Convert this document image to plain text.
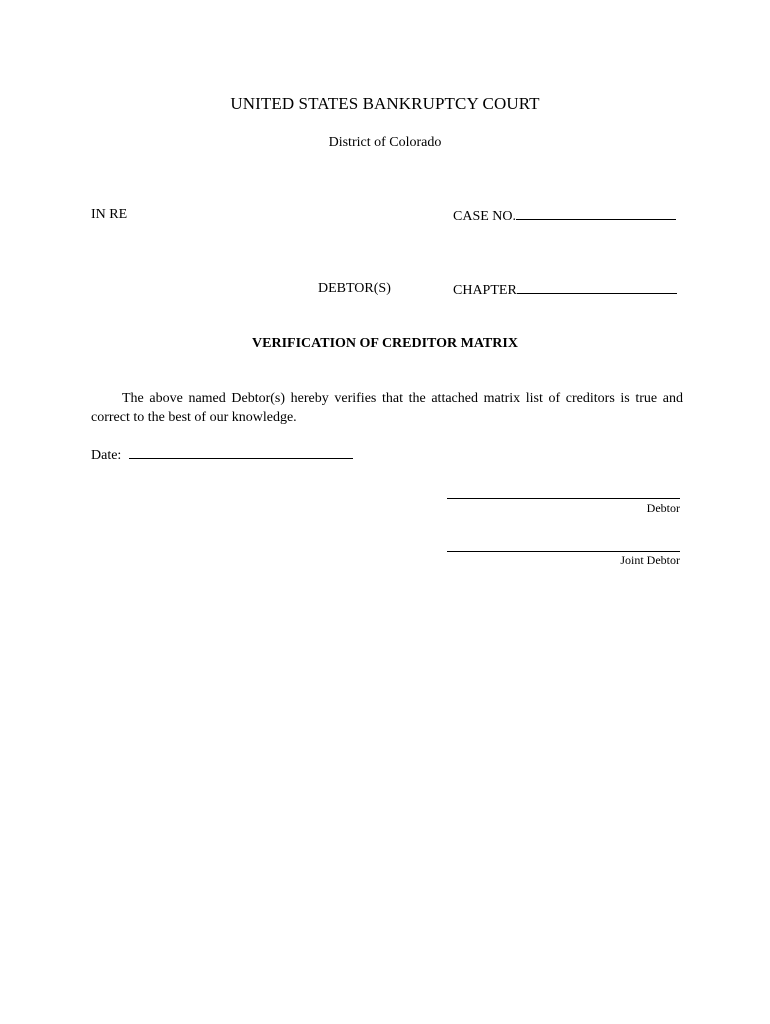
UNITED STATES BANKRUPTCY COURT
District of Colorado
IN RE	CASE NO.
DEBTOR(S)	CHAPTER
VERIFICATION OF CREDITOR MATRIX
The above named Debtor(s) hereby verifies that the attached matrix list of creditors is true and correct to the best of our knowledge.
Date:
Debtor
Joint Debtor
